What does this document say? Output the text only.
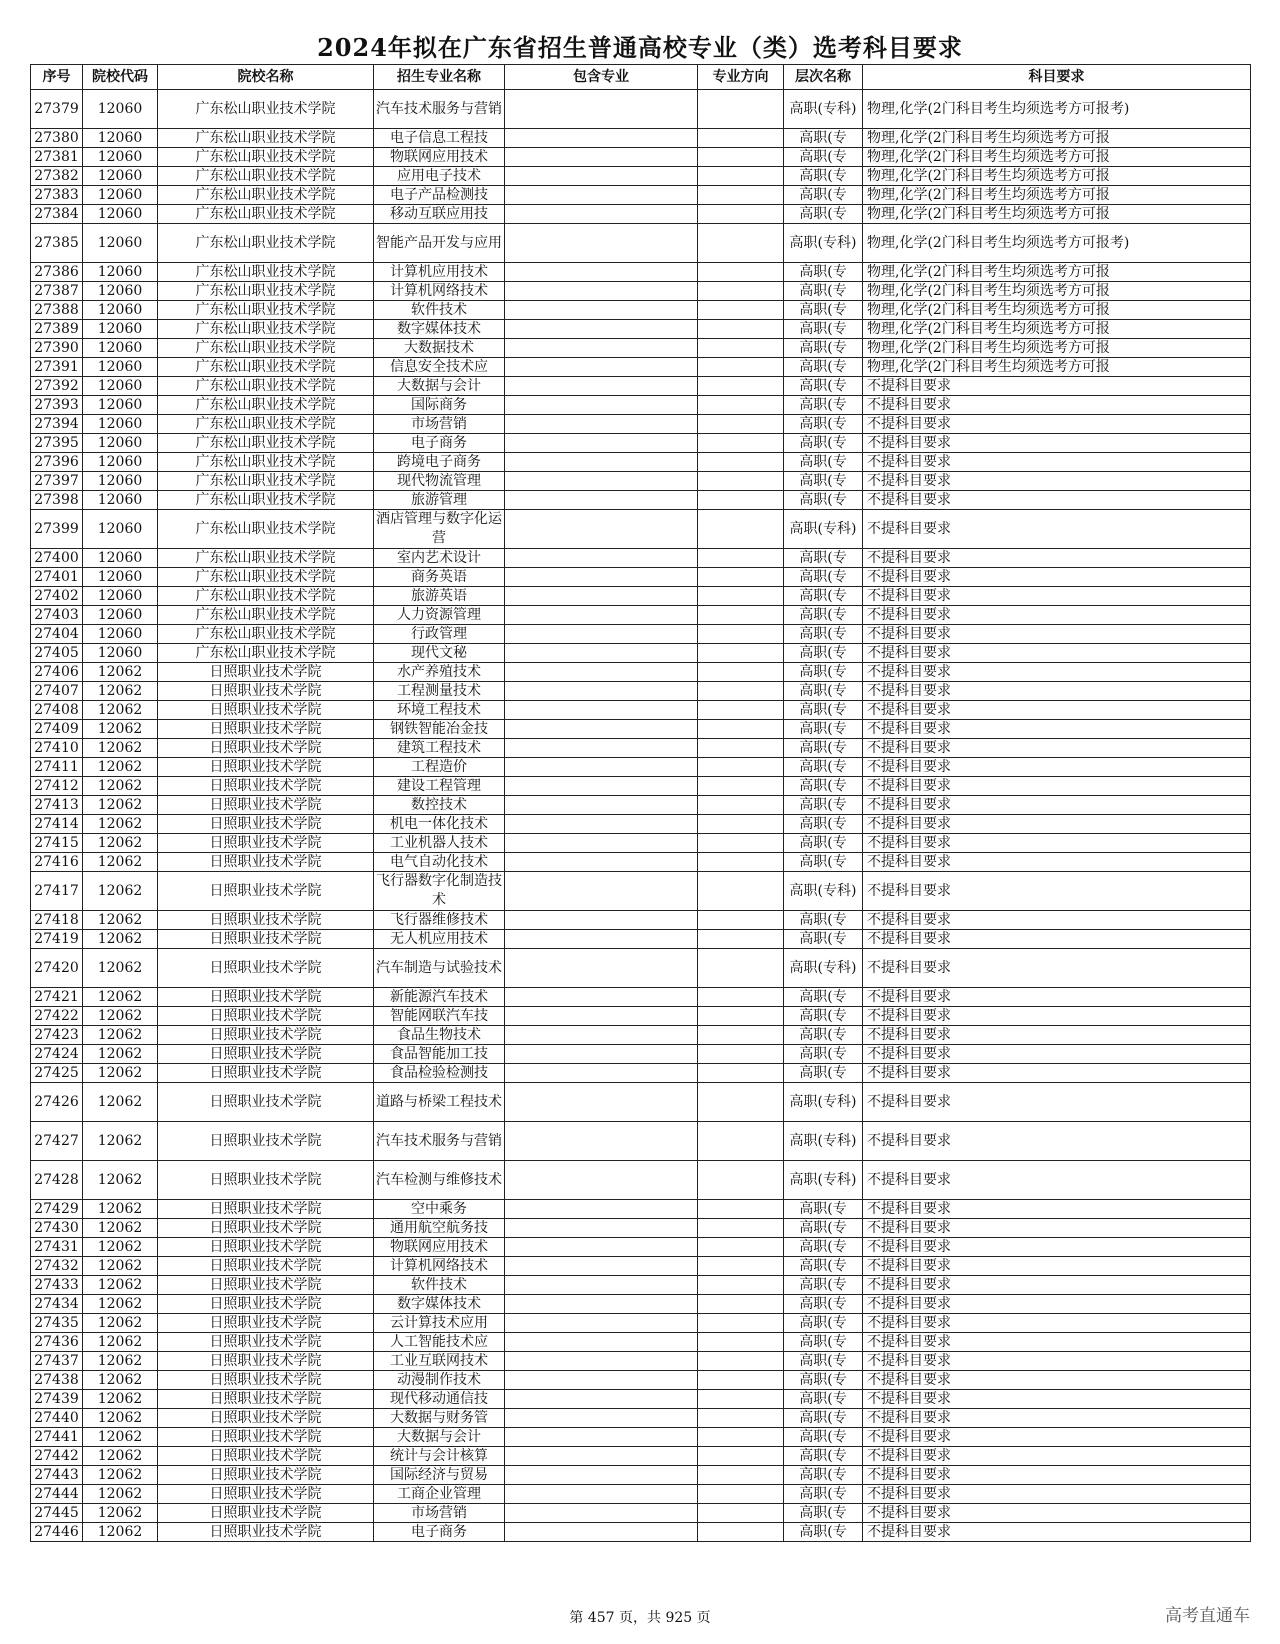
2024年拟在广东省招生普通高校专业（类）选考科目要求
序号	院校代码	院校名称	招生专业名称	包含专业	专业方向	层次名称	科目要求
27379	12060	广东松山职业技术学院	汽车技术服务与营销			高职(专科)	物理,化学(2门科目考生均须选考方可报考)
27380	12060	广东松山职业技术学院	电子信息工程技			高职(专	物理,化学(2门科目考生均须选考方可报
27381	12060	广东松山职业技术学院	物联网应用技术			高职(专	物理,化学(2门科目考生均须选考方可报
27382	12060	广东松山职业技术学院	应用电子技术			高职(专	物理,化学(2门科目考生均须选考方可报
27383	12060	广东松山职业技术学院	电子产品检测技			高职(专	物理,化学(2门科目考生均须选考方可报
27384	12060	广东松山职业技术学院	移动互联应用技			高职(专	物理,化学(2门科目考生均须选考方可报
27385	12060	广东松山职业技术学院	智能产品开发与应用			高职(专科)	物理,化学(2门科目考生均须选考方可报考)
27386	12060	广东松山职业技术学院	计算机应用技术			高职(专	物理,化学(2门科目考生均须选考方可报
27387	12060	广东松山职业技术学院	计算机网络技术			高职(专	物理,化学(2门科目考生均须选考方可报
27388	12060	广东松山职业技术学院	软件技术			高职(专	物理,化学(2门科目考生均须选考方可报
27389	12060	广东松山职业技术学院	数字媒体技术			高职(专	物理,化学(2门科目考生均须选考方可报
27390	12060	广东松山职业技术学院	大数据技术			高职(专	物理,化学(2门科目考生均须选考方可报
27391	12060	广东松山职业技术学院	信息安全技术应			高职(专	物理,化学(2门科目考生均须选考方可报
27392	12060	广东松山职业技术学院	大数据与会计			高职(专	不提科目要求
27393	12060	广东松山职业技术学院	国际商务			高职(专	不提科目要求
27394	12060	广东松山职业技术学院	市场营销			高职(专	不提科目要求
27395	12060	广东松山职业技术学院	电子商务			高职(专	不提科目要求
27396	12060	广东松山职业技术学院	跨境电子商务			高职(专	不提科目要求
27397	12060	广东松山职业技术学院	现代物流管理			高职(专	不提科目要求
27398	12060	广东松山职业技术学院	旅游管理			高职(专	不提科目要求
27399	12060	广东松山职业技术学院	酒店管理与数字化运营			高职(专科)	不提科目要求
27400	12060	广东松山职业技术学院	室内艺术设计			高职(专	不提科目要求
27401	12060	广东松山职业技术学院	商务英语			高职(专	不提科目要求
27402	12060	广东松山职业技术学院	旅游英语			高职(专	不提科目要求
27403	12060	广东松山职业技术学院	人力资源管理			高职(专	不提科目要求
27404	12060	广东松山职业技术学院	行政管理			高职(专	不提科目要求
27405	12060	广东松山职业技术学院	现代文秘			高职(专	不提科目要求
27406	12062	日照职业技术学院	水产养殖技术			高职(专	不提科目要求
27407	12062	日照职业技术学院	工程测量技术			高职(专	不提科目要求
27408	12062	日照职业技术学院	环境工程技术			高职(专	不提科目要求
27409	12062	日照职业技术学院	钢铁智能冶金技			高职(专	不提科目要求
27410	12062	日照职业技术学院	建筑工程技术			高职(专	不提科目要求
27411	12062	日照职业技术学院	工程造价			高职(专	不提科目要求
27412	12062	日照职业技术学院	建设工程管理			高职(专	不提科目要求
27413	12062	日照职业技术学院	数控技术			高职(专	不提科目要求
27414	12062	日照职业技术学院	机电一体化技术			高职(专	不提科目要求
27415	12062	日照职业技术学院	工业机器人技术			高职(专	不提科目要求
27416	12062	日照职业技术学院	电气自动化技术			高职(专	不提科目要求
27417	12062	日照职业技术学院	飞行器数字化制造技术			高职(专科)	不提科目要求
27418	12062	日照职业技术学院	飞行器维修技术			高职(专	不提科目要求
27419	12062	日照职业技术学院	无人机应用技术			高职(专	不提科目要求
27420	12062	日照职业技术学院	汽车制造与试验技术			高职(专科)	不提科目要求
27421	12062	日照职业技术学院	新能源汽车技术			高职(专	不提科目要求
27422	12062	日照职业技术学院	智能网联汽车技			高职(专	不提科目要求
27423	12062	日照职业技术学院	食品生物技术			高职(专	不提科目要求
27424	12062	日照职业技术学院	食品智能加工技			高职(专	不提科目要求
27425	12062	日照职业技术学院	食品检验检测技			高职(专	不提科目要求
27426	12062	日照职业技术学院	道路与桥梁工程技术			高职(专科)	不提科目要求
27427	12062	日照职业技术学院	汽车技术服务与营销			高职(专科)	不提科目要求
27428	12062	日照职业技术学院	汽车检测与维修技术			高职(专科)	不提科目要求
27429	12062	日照职业技术学院	空中乘务			高职(专	不提科目要求
27430	12062	日照职业技术学院	通用航空航务技			高职(专	不提科目要求
27431	12062	日照职业技术学院	物联网应用技术			高职(专	不提科目要求
27432	12062	日照职业技术学院	计算机网络技术			高职(专	不提科目要求
27433	12062	日照职业技术学院	软件技术			高职(专	不提科目要求
27434	12062	日照职业技术学院	数字媒体技术			高职(专	不提科目要求
27435	12062	日照职业技术学院	云计算技术应用			高职(专	不提科目要求
27436	12062	日照职业技术学院	人工智能技术应			高职(专	不提科目要求
27437	12062	日照职业技术学院	工业互联网技术			高职(专	不提科目要求
27438	12062	日照职业技术学院	动漫制作技术			高职(专	不提科目要求
27439	12062	日照职业技术学院	现代移动通信技			高职(专	不提科目要求
27440	12062	日照职业技术学院	大数据与财务管			高职(专	不提科目要求
27441	12062	日照职业技术学院	大数据与会计			高职(专	不提科目要求
27442	12062	日照职业技术学院	统计与会计核算			高职(专	不提科目要求
27443	12062	日照职业技术学院	国际经济与贸易			高职(专	不提科目要求
27444	12062	日照职业技术学院	工商企业管理			高职(专	不提科目要求
27445	12062	日照职业技术学院	市场营销			高职(专	不提科目要求
27446	12062	日照职业技术学院	电子商务			高职(专	不提科目要求
第 457 页，共 925 页	高考直通车
